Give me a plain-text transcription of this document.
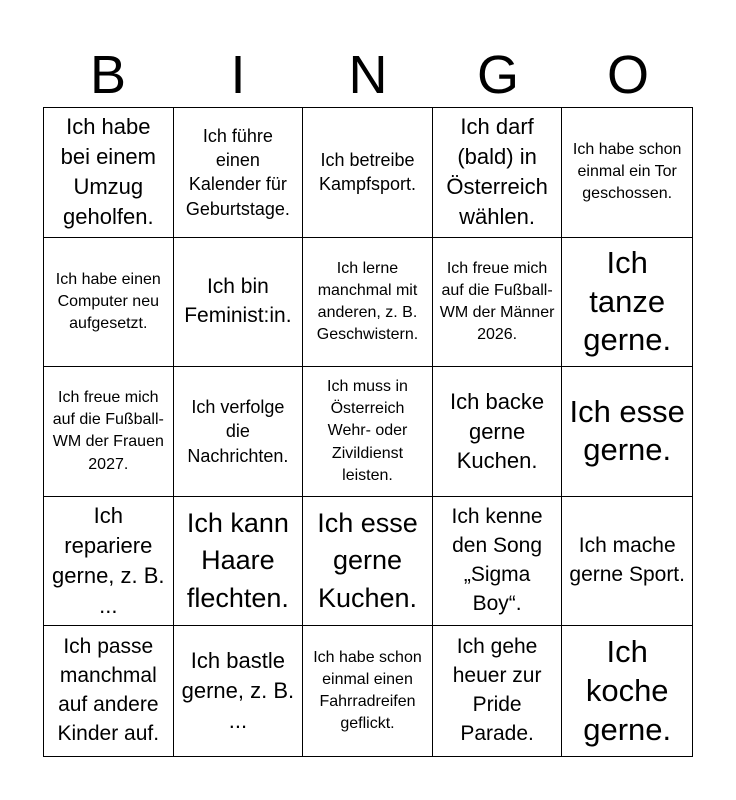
B	I	N	G	O
Ich habe bei einem Umzug geholfen.
Ich führe einen Kalender für Geburtstage.
Ich betreibe Kampfsport.
Ich darf (bald) in Österreich wählen.
Ich habe schon einmal ein Tor geschossen.
Ich habe einen Computer neu aufgesetzt.
Ich bin Feminist:in.
Ich lerne manchmal mit anderen, z. B. Geschwistern.
Ich freue mich auf die Fußball-WM der Männer 2026.
Ich tanze gerne.
Ich freue mich auf die Fußball-WM der Frauen 2027.
Ich verfolge die Nachrichten.
Ich muss in Österreich Wehr- oder Zivildienst leisten.
Ich backe gerne Kuchen.
Ich esse gerne.
Ich repariere gerne, z. B. ...
Ich kann Haare flechten.
Ich esse gerne Kuchen.
Ich kenne den Song „Sigma Boy“.
Ich mache gerne Sport.
Ich passe manchmal auf andere Kinder auf.
Ich bastle gerne, z. B. ...
Ich habe schon einmal einen Fahrradreifen geflickt.
Ich gehe heuer zur Pride Parade.
Ich koche gerne.
